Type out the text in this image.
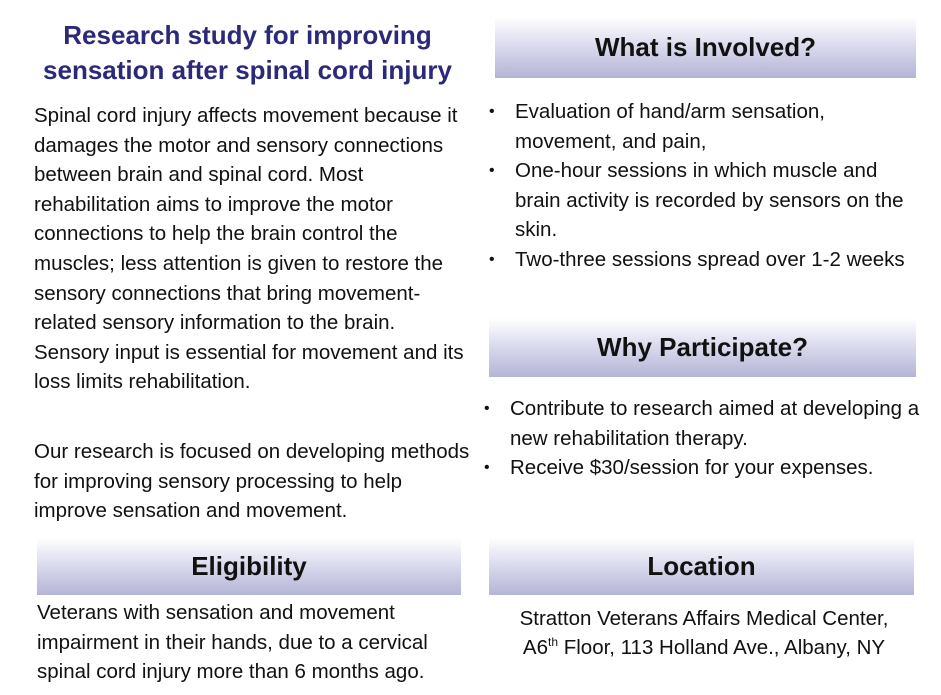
Research study for improving sensation after spinal cord injury
Spinal cord injury affects movement because it damages the motor and sensory connections between brain and spinal cord. Most rehabilitation aims to improve the motor connections to help the brain control the muscles; less attention is given to restore the sensory connections that bring movement-related sensory information to the brain. Sensory input is essential for movement and its loss limits rehabilitation.
Our research is focused on developing methods for improving sensory processing to help improve sensation and movement.
What is Involved?
• Evaluation of hand/arm sensation, movement, and pain,
• One-hour sessions in which muscle and brain activity is recorded by sensors on the skin.
• Two-three sessions spread over 1-2 weeks
Why Participate?
• Contribute to research aimed at developing a new rehabilitation therapy.
• Receive $30/session for your expenses.
Eligibility
Veterans with sensation and movement impairment in their hands, due to a cervical spinal cord injury more than 6 months ago.
Location
Stratton Veterans Affairs Medical Center,
A6th Floor, 113 Holland Ave., Albany, NY
